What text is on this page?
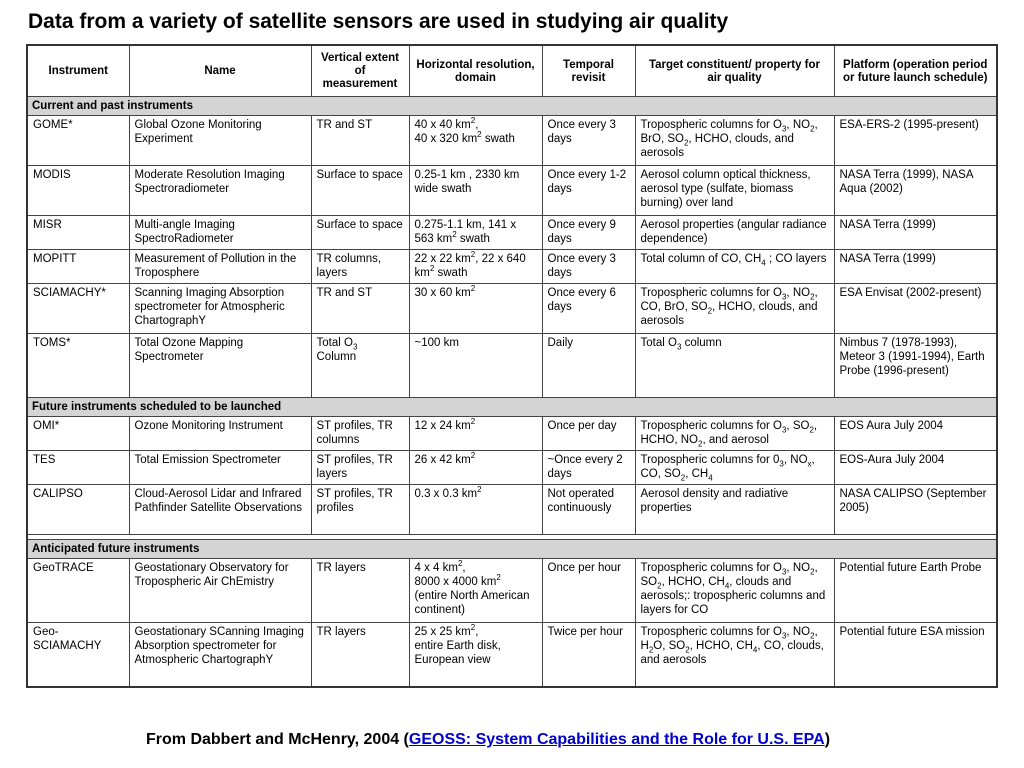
Data from a variety of satellite sensors are used in studying air quality
Instrument	Name	Vertical extent of measurement	Horizontal resolution, domain	Temporal revisit	Target constituent/ property for air quality	Platform (operation period or future launch schedule)
Current and past instruments						
GOME*	Global Ozone Monitoring Experiment	TR and ST	40 x 40 $km^2$,
40 x 320 $km^2$ swath	Once every 3 days	Tropospheric columns for $O_3$, $NO_2$, BrO, $SO_2$, HCHO, clouds, and aerosols	ESA-ERS-2 (1995-present)
MODIS	Moderate Resolution Imaging Spectroradiometer	Surface to space	0.25-1 km , 2330 km wide swath	Once every 1-2 days	Aerosol column optical thickness, aerosol type (sulfate, biomass burning) over land	NASA Terra (1999), NASA Aqua (2002)
MISR	Multi-angle Imaging SpectroRadiometer	Surface to space	0.275-1.1 km, 141 x 563 $km^2$ swath	Once every 9 days	Aerosol properties (angular radiance dependence)	NASA Terra (1999)
MOPITT	Measurement of Pollution in the Troposphere	TR columns, layers	22 x 22 $km^2$, 22 x 640 $km^2$ swath	Once every 3 days	Total column of CO, $CH_4$ ; CO layers	NASA Terra (1999)
SCIAMACHY*	Scanning Imaging Absorption spectrometer for Atmospheric ChartographY	TR and ST	30 x 60 $km^2$	Once every 6 days	Tropospheric columns for $O_3$, $NO_2$, CO, BrO, $SO_2$, HCHO, clouds, and aerosols	ESA Envisat (2002-present)
TOMS*	Total Ozone Mapping Spectrometer	Total $O_3$
Column	~100 km	Daily	Total $O_3$ column	Nimbus 7 (1978-1993), Meteor 3 (1991-1994), Earth Probe (1996-present)
Future instruments scheduled to be launched						
OMI*	Ozone Monitoring Instrument	ST profiles, TR columns	12 x 24 $km^2$	Once per day	Tropospheric columns for $O_3$, $SO_2$, HCHO, $NO_2$, and aerosol	EOS Aura July 2004
TES	Total Emission Spectrometer	ST profiles, TR layers	26 x 42 $km^2$	~Once every 2 days	Tropospheric columns for $0_3$, $NO_x$, CO, $SO_2$, $CH_4$	EOS-Aura July 2004
CALIPSO	Cloud-Aerosol Lidar and Infrared Pathfinder Satellite Observations	ST profiles, TR profiles	0.3 x 0.3 $km^2$	Not operated continuously	Aerosol density and radiative properties	NASA CALIPSO (September 2005)

Anticipated future instruments						
GeoTRACE	Geostationary Observatory for Tropospheric Air ChEmistry	TR layers	4 x 4 $km^2$,
8000 x 4000 $km^2$
(entire North American continent)	Once per hour	Tropospheric columns for $O_3$, $NO_2$, $SO_2$, HCHO, $CH_4$, clouds and aerosols;: tropospheric columns and layers for CO	Potential future Earth Probe
Geo-SCIAMACHY	Geostationary SCanning Imaging Absorption spectrometer for Atmospheric ChartographY	TR layers	25 x 25 $km^2$,
entire Earth disk, European view	Twice per hour	Tropospheric columns for $O_3$, $NO_2$, $H_2O$, $SO_2$, HCHO, $CH_4$, CO, clouds, and aerosols	Potential future ESA mission
From Dabbert and McHenry, 2004 (GEOSS: System Capabilities and the Role for U.S. EPA)
